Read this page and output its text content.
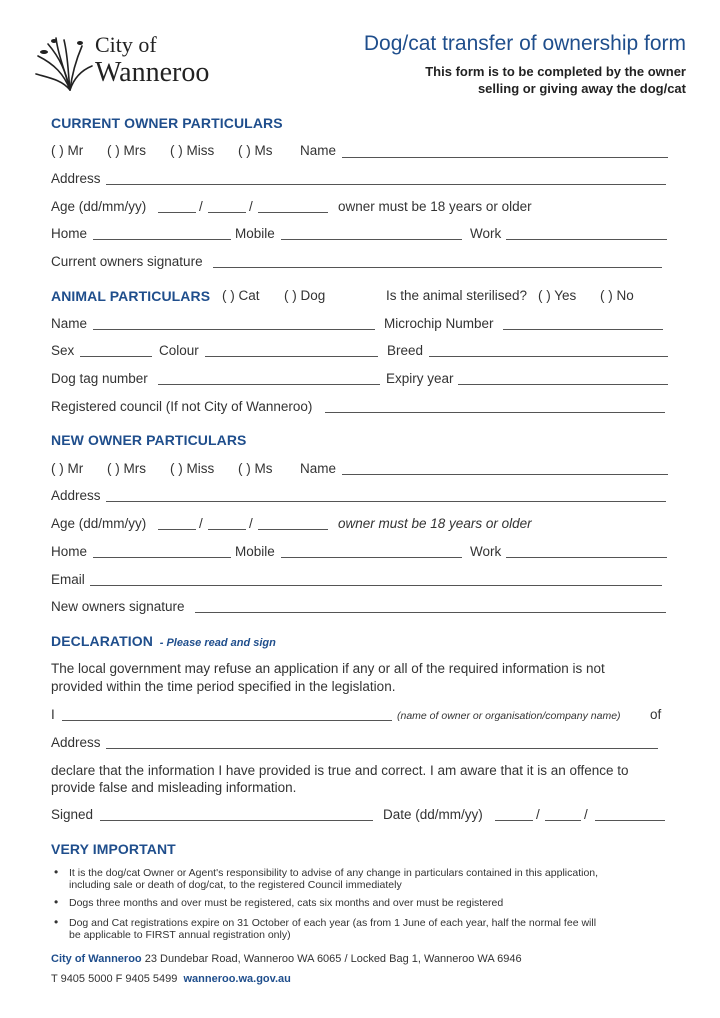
City of
Wanneroo
Dog/cat transfer of ownership form
This form is to be completed by the owner
selling or giving away the dog/cat
CURRENT OWNER PARTICULARS
( ) Mr ( ) Mrs ( ) Miss ( ) Ms Name
Address
Age (dd/mm/yy)	/	/	owner must be 18 years or older
Home	Mobile	Work
Current owners signature
ANIMAL PARTICULARS ( ) Cat ( ) Dog	Is the animal sterilised? ( ) Yes ( ) No
Name	Microchip Number
Sex	Colour	Breed
Dog tag number	Expiry year
Registered council (If not City of Wanneroo)
NEW OWNER PARTICULARS
( ) Mr ( ) Mrs ( ) Miss ( ) Ms Name
Address
Age (dd/mm/yy)	/	/	owner must be 18 years or older
Home	Mobile	Work
Email
New owners signature
DECLARATION - Please read and sign
The local government may refuse an application if any or all of the required information is not
provided within the time period specified in the legislation.
I	(name of owner or organisation/company name) of
Address
declare that the information I have provided is true and correct. I am aware that it is an offence to
provide false and misleading information.
Signed	Date (dd/mm/yy)	/	/
VERY IMPORTANT
• It is the dog/cat Owner or Agent's responsibility to advise of any change in particulars contained in this application,
including sale or death of dog/cat, to the registered Council immediately
• Dogs three months and over must be registered, cats six months and over must be registered
• Dog and Cat registrations expire on 31 October of each year (as from 1 June of each year, half the normal fee will
be applicable to FIRST annual registration only)
City of Wanneroo 23 Dundebar Road, Wanneroo WA 6065 / Locked Bag 1, Wanneroo WA 6946
T 9405 5000 F 9405 5499 wanneroo.wa.gov.au
